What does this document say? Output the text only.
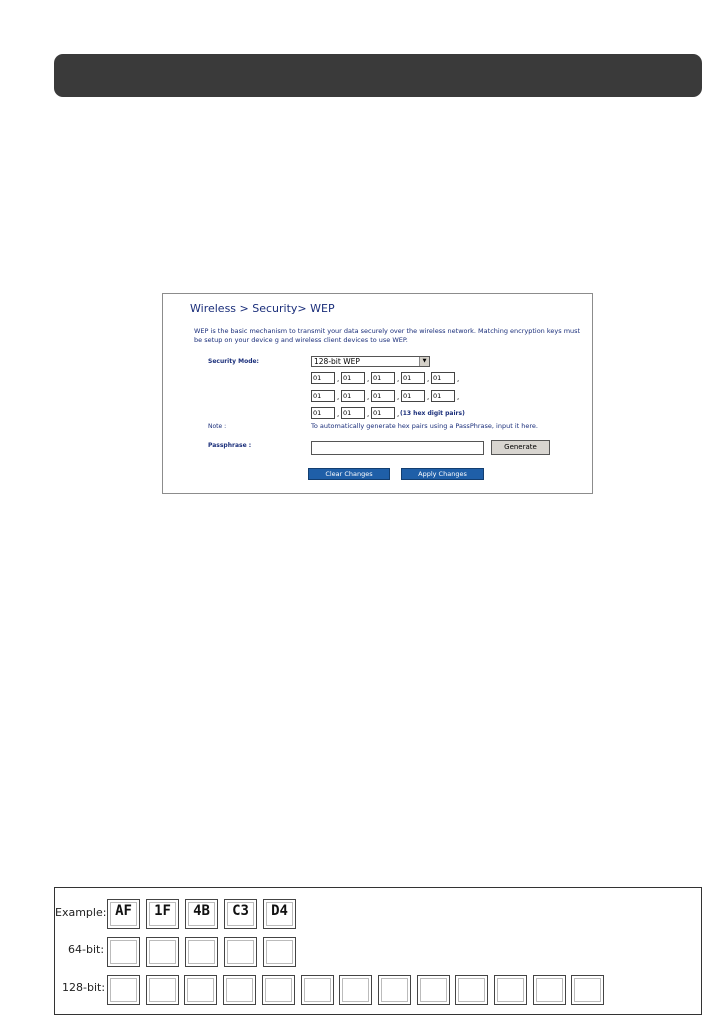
Wireless > Security> WEP
WEP is the basic mechanism to transmit your data securely over the wireless network. Matching encryption keys must be setup on your device g and wireless client devices to use WEP.
Security Mode:	128-bit WEP	▼
01	, 01	, 01	, 01	, 01	,
01	, 01	, 01	, 01	, 01	,
01	, 01	, 01	, (13 hex digit pairs)
Note :	To automatically generate hex pairs using a PassPhrase, input it here.
Passphrase :	Generate
Clear Changes	Apply Changes
Example: AF	1F	4B	C3	D4
64-bit:
128-bit:
